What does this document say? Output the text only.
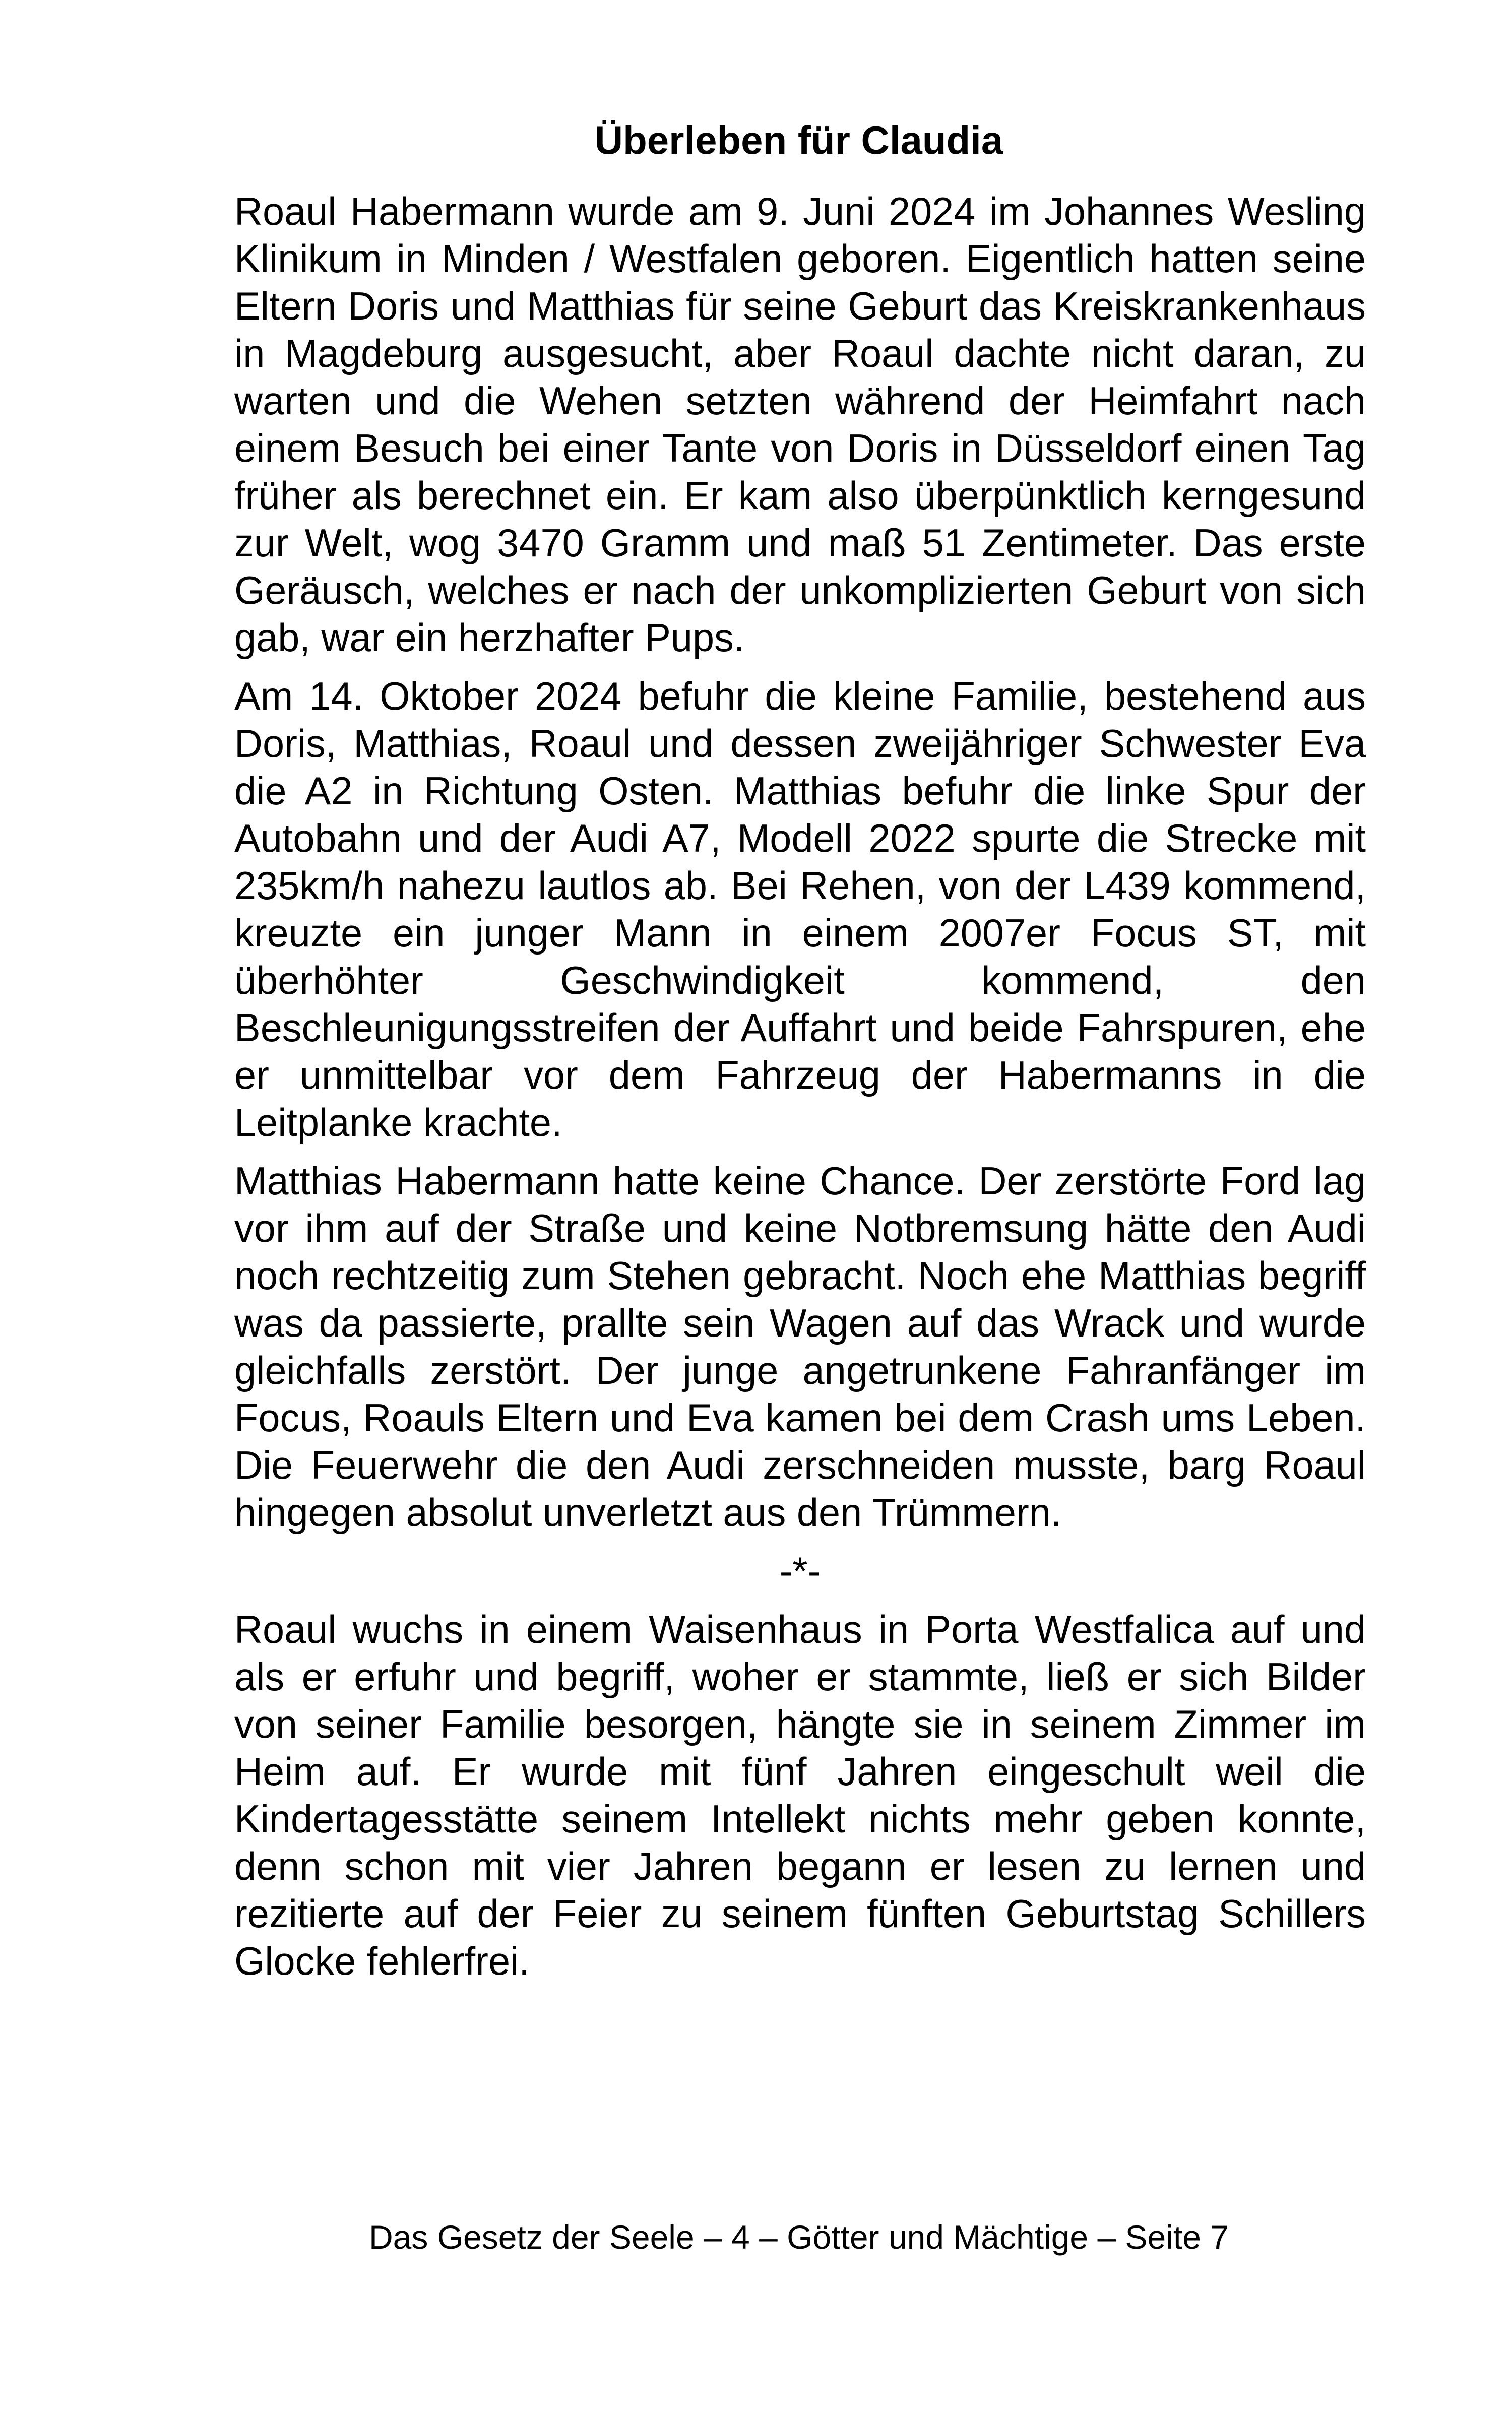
Überleben für Claudia

Roaul Habermann wurde am 9. Juni 2024 im Johannes Wesling Klinikum in Minden / Westfalen geboren. Eigentlich hatten seine Eltern Doris und Matthias für seine Geburt das Kreiskrankenhaus in Magdeburg ausgesucht, aber Roaul dachte nicht daran, zu warten und die Wehen setzten während der Heimfahrt nach einem Besuch bei einer Tante von Doris in Düsseldorf einen Tag früher als berechnet ein. Er kam also überpünktlich kerngesund zur Welt, wog 3470 Gramm und maß 51 Zentimeter. Das erste Geräusch, welches er nach der unkomplizierten Geburt von sich gab, war ein herzhafter Pups.

Am 14. Oktober 2024 befuhr die kleine Familie, bestehend aus Doris, Matthias, Roaul und dessen zweijähriger Schwester Eva die A2 in Richtung Osten. Matthias befuhr die linke Spur der Autobahn und der Audi A7, Modell 2022 spurte die Strecke mit 235km/h nahezu lautlos ab. Bei Rehen, von der L439 kommend, kreuzte ein junger Mann in einem 2007er Focus ST, mit überhöhter Geschwindigkeit kommend, den Beschleunigungsstreifen der Auffahrt und beide Fahrspuren, ehe er unmittelbar vor dem Fahrzeug der Habermanns in die Leitplanke krachte.

Matthias Habermann hatte keine Chance. Der zerstörte Ford lag vor ihm auf der Straße und keine Notbremsung hätte den Audi noch rechtzeitig zum Stehen gebracht. Noch ehe Matthias begriff was da passierte, prallte sein Wagen auf das Wrack und wurde gleichfalls zerstört. Der junge angetrunkene Fahranfänger im Focus, Roauls Eltern und Eva kamen bei dem Crash ums Leben. Die Feuerwehr die den Audi zerschneiden musste, barg Roaul hingegen absolut unverletzt aus den Trümmern.

-*-

Roaul wuchs in einem Waisenhaus in Porta Westfalica auf und als er erfuhr und begriff, woher er stammte, ließ er sich Bilder von seiner Familie besorgen, hängte sie in seinem Zimmer im Heim auf. Er wurde mit fünf Jahren eingeschult weil die Kindertagesstätte seinem Intellekt nichts mehr geben konnte, denn schon mit vier Jahren begann er lesen zu lernen und rezitierte auf der Feier zu seinem fünften Geburtstag Schillers Glocke fehlerfrei.

Das Gesetz der Seele – 4 – Götter und Mächtige – Seite 7
